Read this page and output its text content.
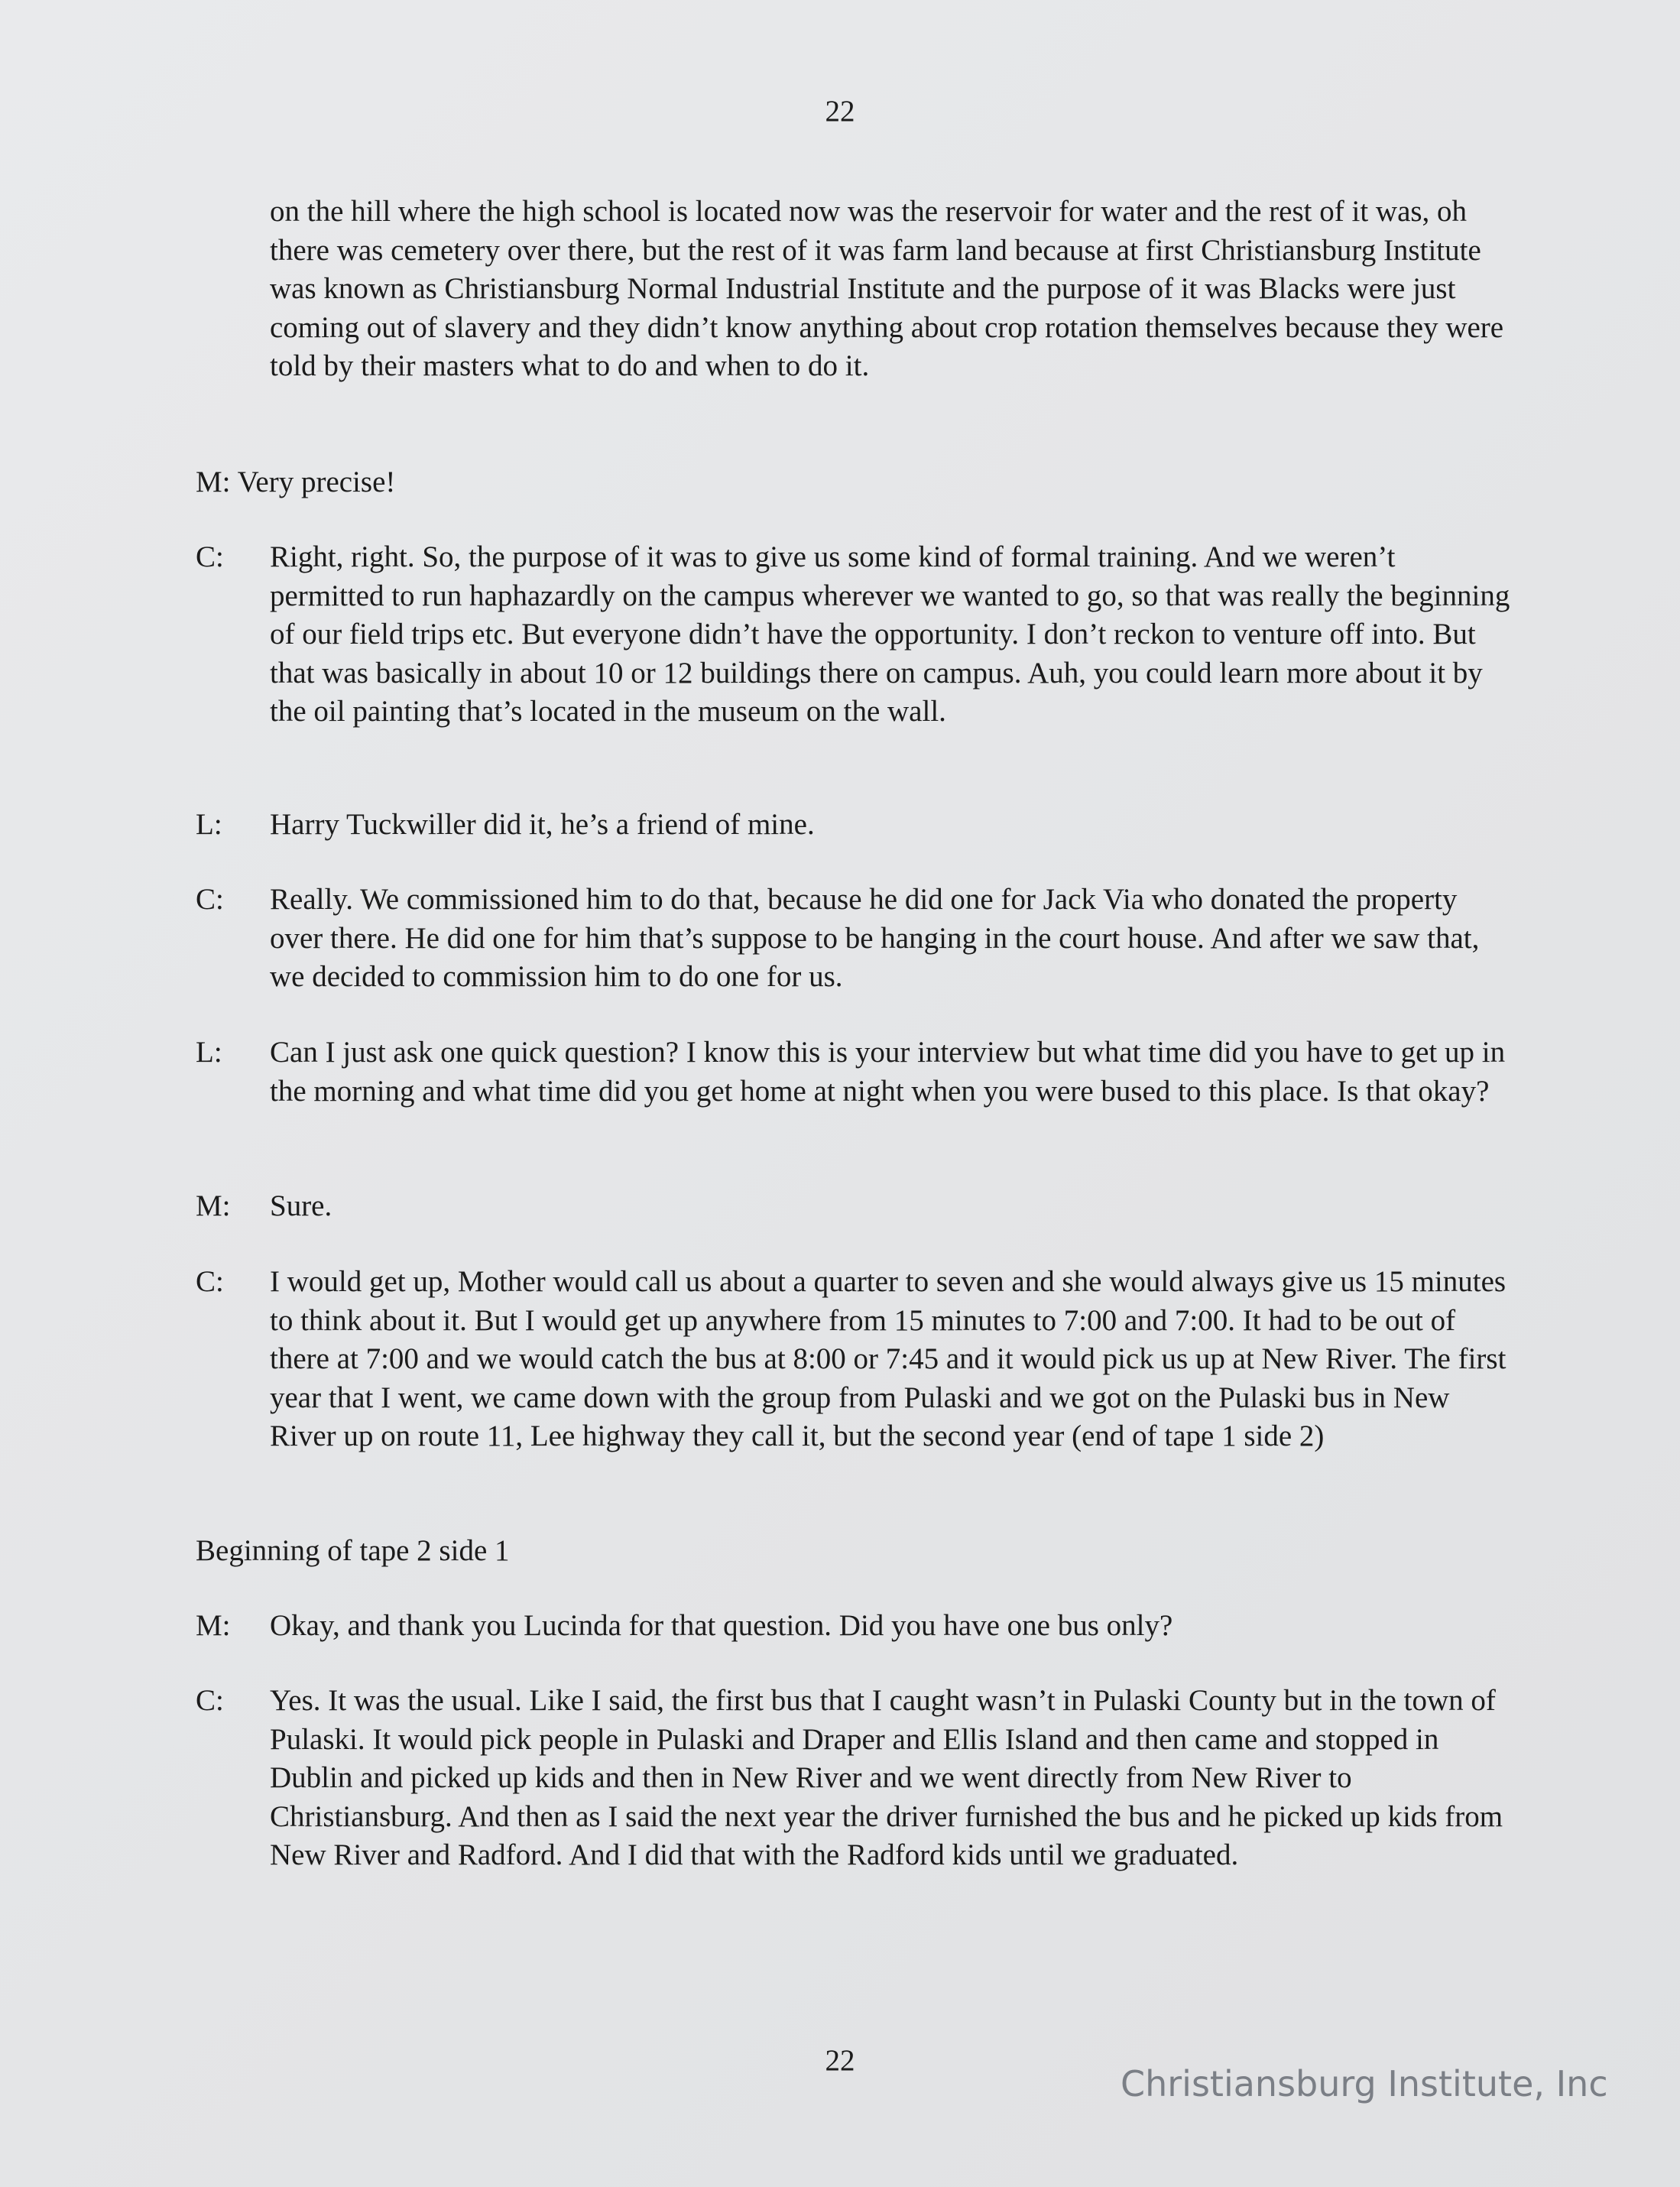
22
on the hill where the high school is located now was the reservoir for water and the rest of it was, oh there was cemetery over there, but the rest of it was farm land because at first Christiansburg Institute was known as Christiansburg Normal Industrial Institute and the purpose of it was Blacks were just coming out of slavery and they didn’t know anything about crop rotation themselves because they were told by their masters what to do and when to do it.
M: Very precise!
C: Right, right. So, the purpose of it was to give us some kind of formal training. And we weren’t permitted to run haphazardly on the campus wherever we wanted to go, so that was really the beginning of our field trips etc. But everyone didn’t have the opportunity. I don’t reckon to venture off into. But that was basically in about 10 or 12 buildings there on campus. Auh, you could learn more about it by the oil painting that’s located in the museum on the wall.
L: Harry Tuckwiller did it, he’s a friend of mine.
C: Really. We commissioned him to do that, because he did one for Jack Via who donated the property over there. He did one for him that’s suppose to be hanging in the court house. And after we saw that, we decided to commission him to do one for us.
L: Can I just ask one quick question? I know this is your interview but what time did you have to get up in the morning and what time did you get home at night when you were bused to this place. Is that okay?
M: Sure.
C: I would get up, Mother would call us about a quarter to seven and she would always give us 15 minutes to think about it. But I would get up anywhere from 15 minutes to 7:00 and 7:00. It had to be out of there at 7:00 and we would catch the bus at 8:00 or 7:45 and it would pick us up at New River. The first year that I went, we came down with the group from Pulaski and we got on the Pulaski bus in New River up on route 11, Lee highway they call it, but the second year (end of tape 1 side 2)
Beginning of tape 2 side 1
M: Okay, and thank you Lucinda for that question. Did you have one bus only?
C: Yes. It was the usual. Like I said, the first bus that I caught wasn’t in Pulaski County but in the town of Pulaski. It would pick people in Pulaski and Draper and Ellis Island and then came and stopped in Dublin and picked up kids and then in New River and we went directly from New River to Christiansburg. And then as I said the next year the driver furnished the bus and he picked up kids from New River and Radford. And I did that with the Radford kids until we graduated.
22
Christiansburg Institute, Inc
